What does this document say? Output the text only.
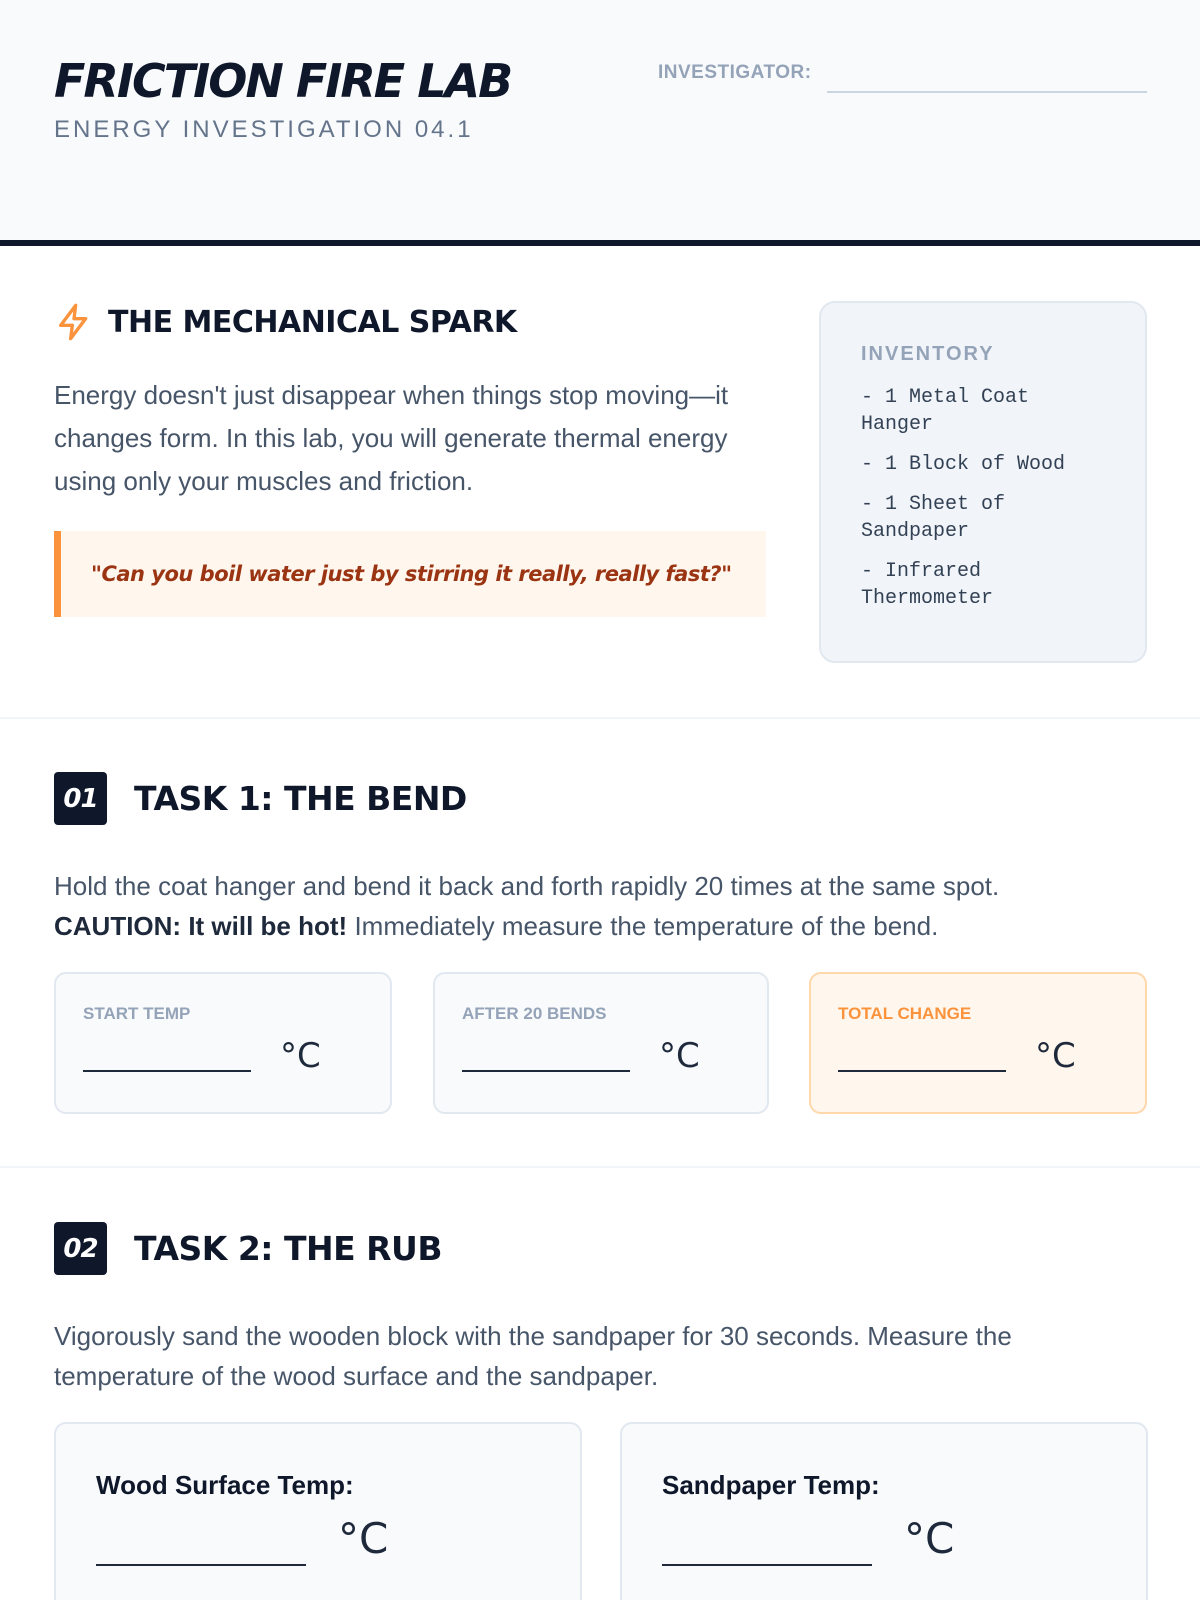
FRICTION FIRE LAB
ENERGY INVESTIGATION 04.1
INVESTIGATOR:
THE MECHANICAL SPARK
Energy doesn't just disappear when things stop moving—it changes form. In this lab, you will generate thermal energy using only your muscles and friction.
"Can you boil water just by stirring it really, really fast?"
INVENTORY
- 1 Metal Coat Hanger
- 1 Block of Wood
- 1 Sheet of Sandpaper
- Infrared Thermometer
01 TASK 1: THE BEND
Hold the coat hanger and bend it back and forth rapidly 20 times at the same spot.
CAUTION: It will be hot! Immediately measure the temperature of the bend.
START TEMP
°C
AFTER 20 BENDS
°C
TOTAL CHANGE
°C
02 TASK 2: THE RUB
Vigorously sand the wooden block with the sandpaper for 30 seconds. Measure the temperature of the wood surface and the sandpaper.
Wood Surface Temp:
°C
Sandpaper Temp:
°C
